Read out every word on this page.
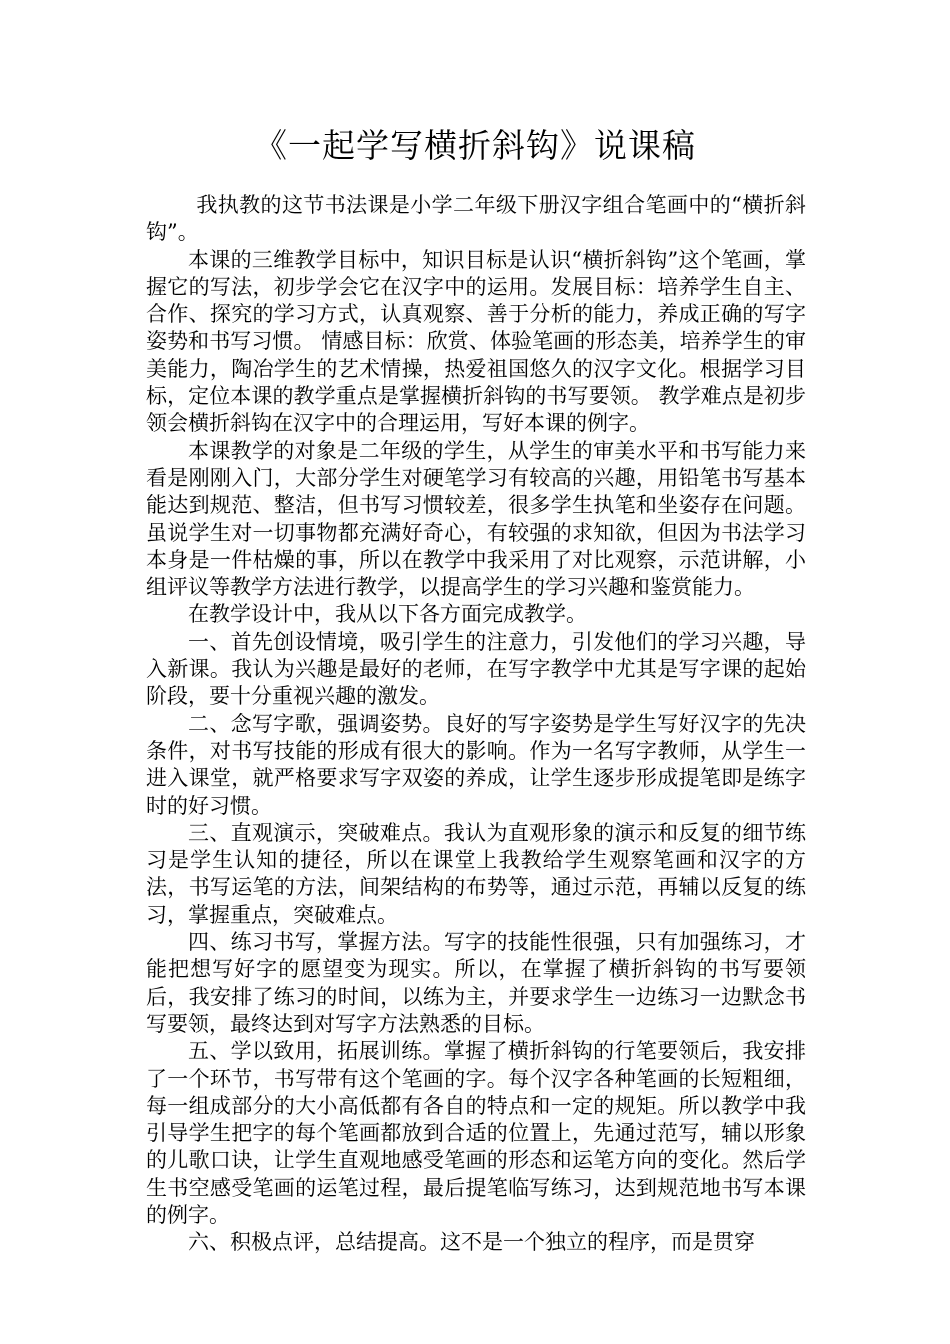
《一起学写横折斜钩》说课稿

我执教的这节书法课是小学二年级下册汉字组合笔画中的“横折斜钩”。

本课的三维教学目标中，知识目标是认识“横折斜钩”这个笔画，掌握它的写法，初步学会它在汉字中的运用。发展目标：培养学生自主、合作、探究的学习方式，认真观察、善于分析的能力，养成正确的写字姿势和书写习惯。 情感目标：欣赏、体验笔画的形态美，培养学生的审美能力，陶冶学生的艺术情操，热爱祖国悠久的汉字文化。根据学习目标，定位本课的教学重点是掌握横折斜钩的书写要领。 教学难点是初步领会横折斜钩在汉字中的合理运用，写好本课的例字。

本课教学的对象是二年级的学生，从学生的审美水平和书写能力来看是刚刚入门，大部分学生对硬笔学习有较高的兴趣，用铅笔书写基本能达到规范、整洁，但书写习惯较差，很多学生执笔和坐姿存在问题。虽说学生对一切事物都充满好奇心，有较强的求知欲，但因为书法学习本身是一件枯燥的事，所以在教学中我采用了对比观察，示范讲解，小组评议等教学方法进行教学，以提高学生的学习兴趣和鉴赏能力。

在教学设计中，我从以下各方面完成教学。

一、首先创设情境，吸引学生的注意力，引发他们的学习兴趣，导入新课。我认为兴趣是最好的老师，在写字教学中尤其是写字课的起始阶段，要十分重视兴趣的激发。

二、念写字歌，强调姿势。良好的写字姿势是学生写好汉字的先决条件，对书写技能的形成有很大的影响。作为一名写字教师，从学生一进入课堂，就严格要求写字双姿的养成，让学生逐步形成提笔即是练字时的好习惯。

三、直观演示，突破难点。我认为直观形象的演示和反复的细节练习是学生认知的捷径，所以在课堂上我教给学生观察笔画和汉字的方法，书写运笔的方法，间架结构的布势等，通过示范，再辅以反复的练习，掌握重点，突破难点。

四、练习书写，掌握方法。写字的技能性很强，只有加强练习，才能把想写好字的愿望变为现实。所以，在掌握了横折斜钩的书写要领后，我安排了练习的时间，以练为主，并要求学生一边练习一边默念书写要领，最终达到对写字方法熟悉的目标。

五、学以致用，拓展训练。掌握了横折斜钩的行笔要领后，我安排了一个环节，书写带有这个笔画的字。每个汉字各种笔画的长短粗细，每一组成部分的大小高低都有各自的特点和一定的规矩。所以教学中我引导学生把字的每个笔画都放到合适的位置上，先通过范写，辅以形象的儿歌口诀，让学生直观地感受笔画的形态和运笔方向的变化。然后学生书空感受笔画的运笔过程，最后提笔临写练习，达到规范地书写本课的例字。

六、积极点评，总结提高。这不是一个独立的程序，而是贯穿
